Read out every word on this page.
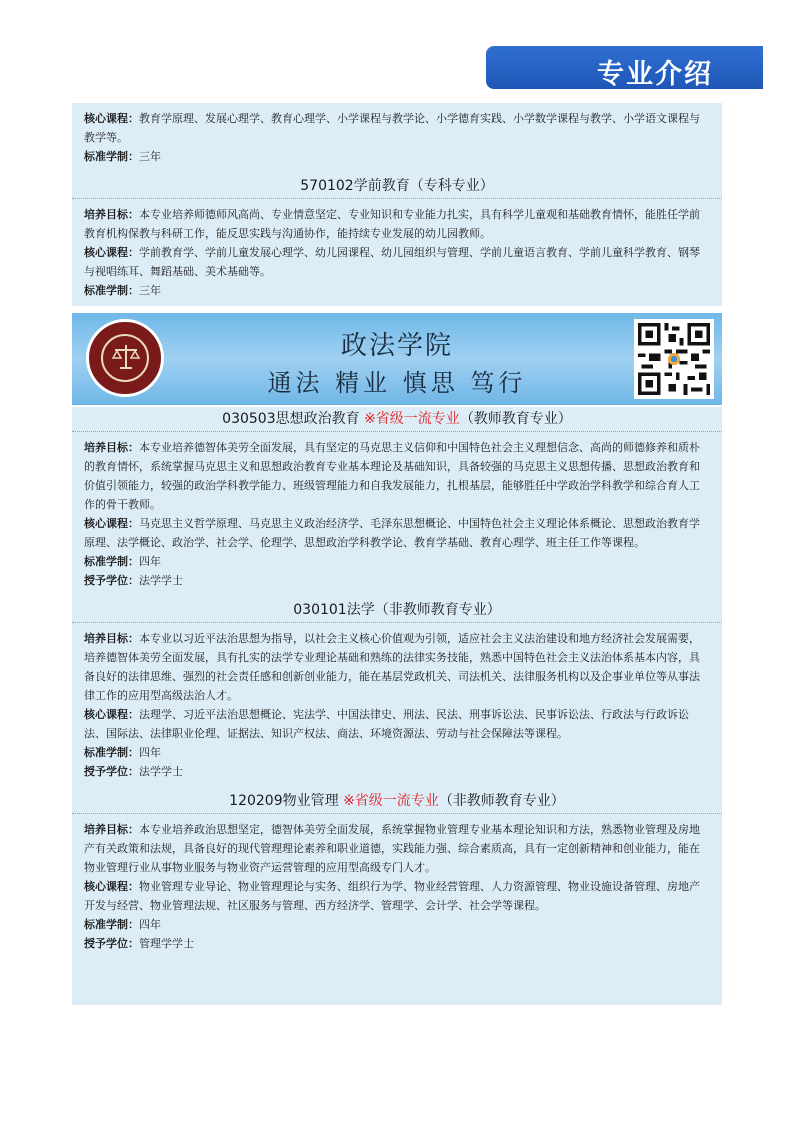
专业介绍

核心课程：教育学原理、发展心理学、教育心理学、小学课程与教学论、小学德育实践、小学数学课程与教学、小学语文课程与教学等。

标准学制：三年

570102学前教育（专科专业）

培养目标：本专业培养师德师风高尚、专业情意坚定、专业知识和专业能力扎实，具有科学儿童观和基础教育情怀，能胜任学前教育机构保教与科研工作，能反思实践与沟通协作，能持续专业发展的幼儿园教师。

核心课程：学前教育学、学前儿童发展心理学、幼儿园课程、幼儿园组织与管理、学前儿童语言教育、学前儿童科学教育、钢琴与视唱练耳、舞蹈基础、美术基础等。

标准学制：三年

政法学院
通法 精业 慎思 笃行
030503思想政治教育 ※省级一流专业（教师教育专业）

培养目标：本专业培养德智体美劳全面发展，具有坚定的马克思主义信仰和中国特色社会主义理想信念、高尚的师德修养和质朴的教育情怀，系统掌握马克思主义和思想政治教育专业基本理论及基础知识，具备较强的马克思主义思想传播、思想政治教育和价值引领能力，较强的政治学科教学能力、班级管理能力和自我发展能力，扎根基层，能够胜任中学政治学科教学和综合育人工作的骨干教师。

核心课程：马克思主义哲学原理、马克思主义政治经济学、毛泽东思想概论、中国特色社会主义理论体系概论、思想政治教育学原理、法学概论、政治学、社会学、伦理学、思想政治学科教学论、教育学基础、教育心理学、班主任工作等课程。

标准学制：四年

授予学位：法学学士

030101法学（非教师教育专业）

培养目标：本专业以习近平法治思想为指导，以社会主义核心价值观为引领，适应社会主义法治建设和地方经济社会发展需要，培养德智体美劳全面发展，具有扎实的法学专业理论基础和熟练的法律实务技能，熟悉中国特色社会主义法治体系基本内容，具备良好的法律思维、强烈的社会责任感和创新创业能力，能在基层党政机关、司法机关、法律服务机构以及企事业单位等从事法律工作的应用型高级法治人才。

核心课程：法理学、习近平法治思想概论、宪法学、中国法律史、刑法、民法、刑事诉讼法、民事诉讼法、行政法与行政诉讼法、国际法、法律职业伦理、证据法、知识产权法、商法、环境资源法、劳动与社会保障法等课程。

标准学制：四年

授予学位：法学学士

120209物业管理 ※省级一流专业（非教师教育专业）

培养目标：本专业培养政治思想坚定，德智体美劳全面发展，系统掌握物业管理专业基本理论知识和方法，熟悉物业管理及房地产有关政策和法规，具备良好的现代管理理论素养和职业道德，实践能力强、综合素质高，具有一定创新精神和创业能力，能在物业管理行业从事物业服务与物业资产运营管理的应用型高级专门人才。

核心课程：物业管理专业导论、物业管理理论与实务、组织行为学、物业经营管理、人力资源管理、物业设施设备管理、房地产开发与经营、物业管理法规、社区服务与管理、西方经济学、管理学、会计学、社会学等课程。

标准学制：四年

授予学位：管理学学士
